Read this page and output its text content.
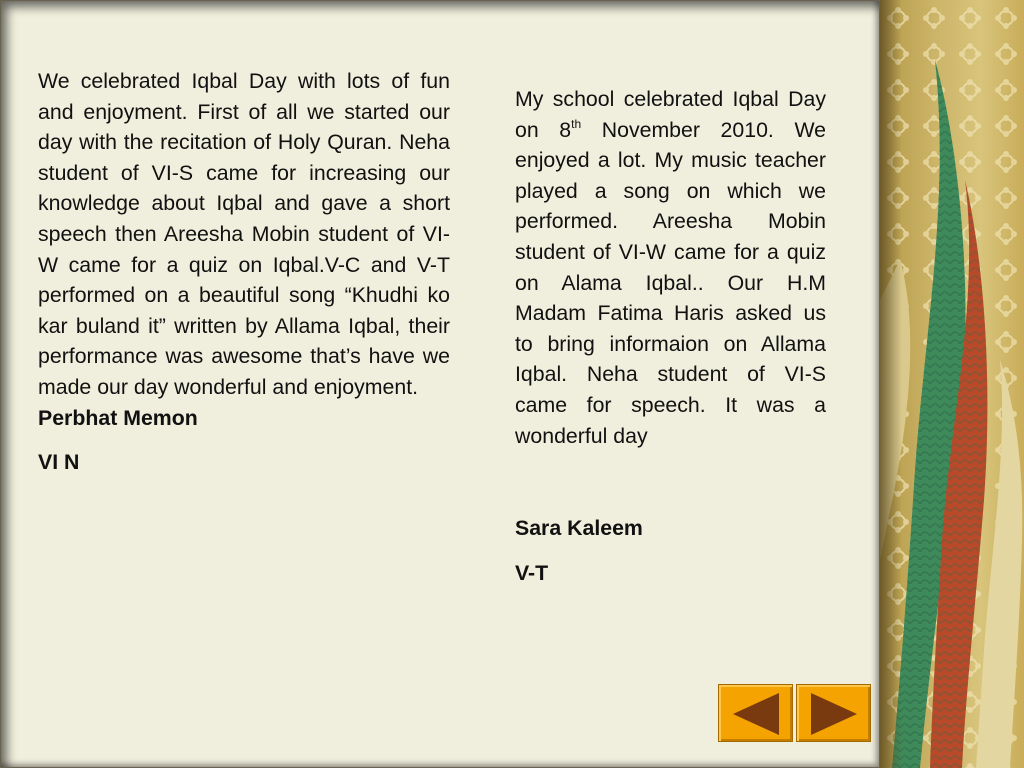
We celebrated Iqbal Day with lots of fun and enjoyment. First of all we started our day with the recitation of Holy Quran. Neha student of VI-S came for increasing our knowledge about Iqbal and gave a short speech then Areesha Mobin student of VI-W came for a quiz on Iqbal.V-C and V-T performed on a beautiful song “Khudhi ko kar buland it” written by Allama Iqbal, their performance was awesome that’s have we made our day wonderful and enjoyment.

Perbhat Memon

VI N

My school celebrated Iqbal Day on 8th November 2010. We enjoyed a lot. My music teacher played a song on which we performed. Areesha Mobin student of VI-W came for a quiz on Alama Iqbal.. Our H.M Madam Fatima Haris asked us to bring informaion on Allama Iqbal. Neha student of VI-S came for speech. It was a wonderful day

Sara Kaleem

V-T
